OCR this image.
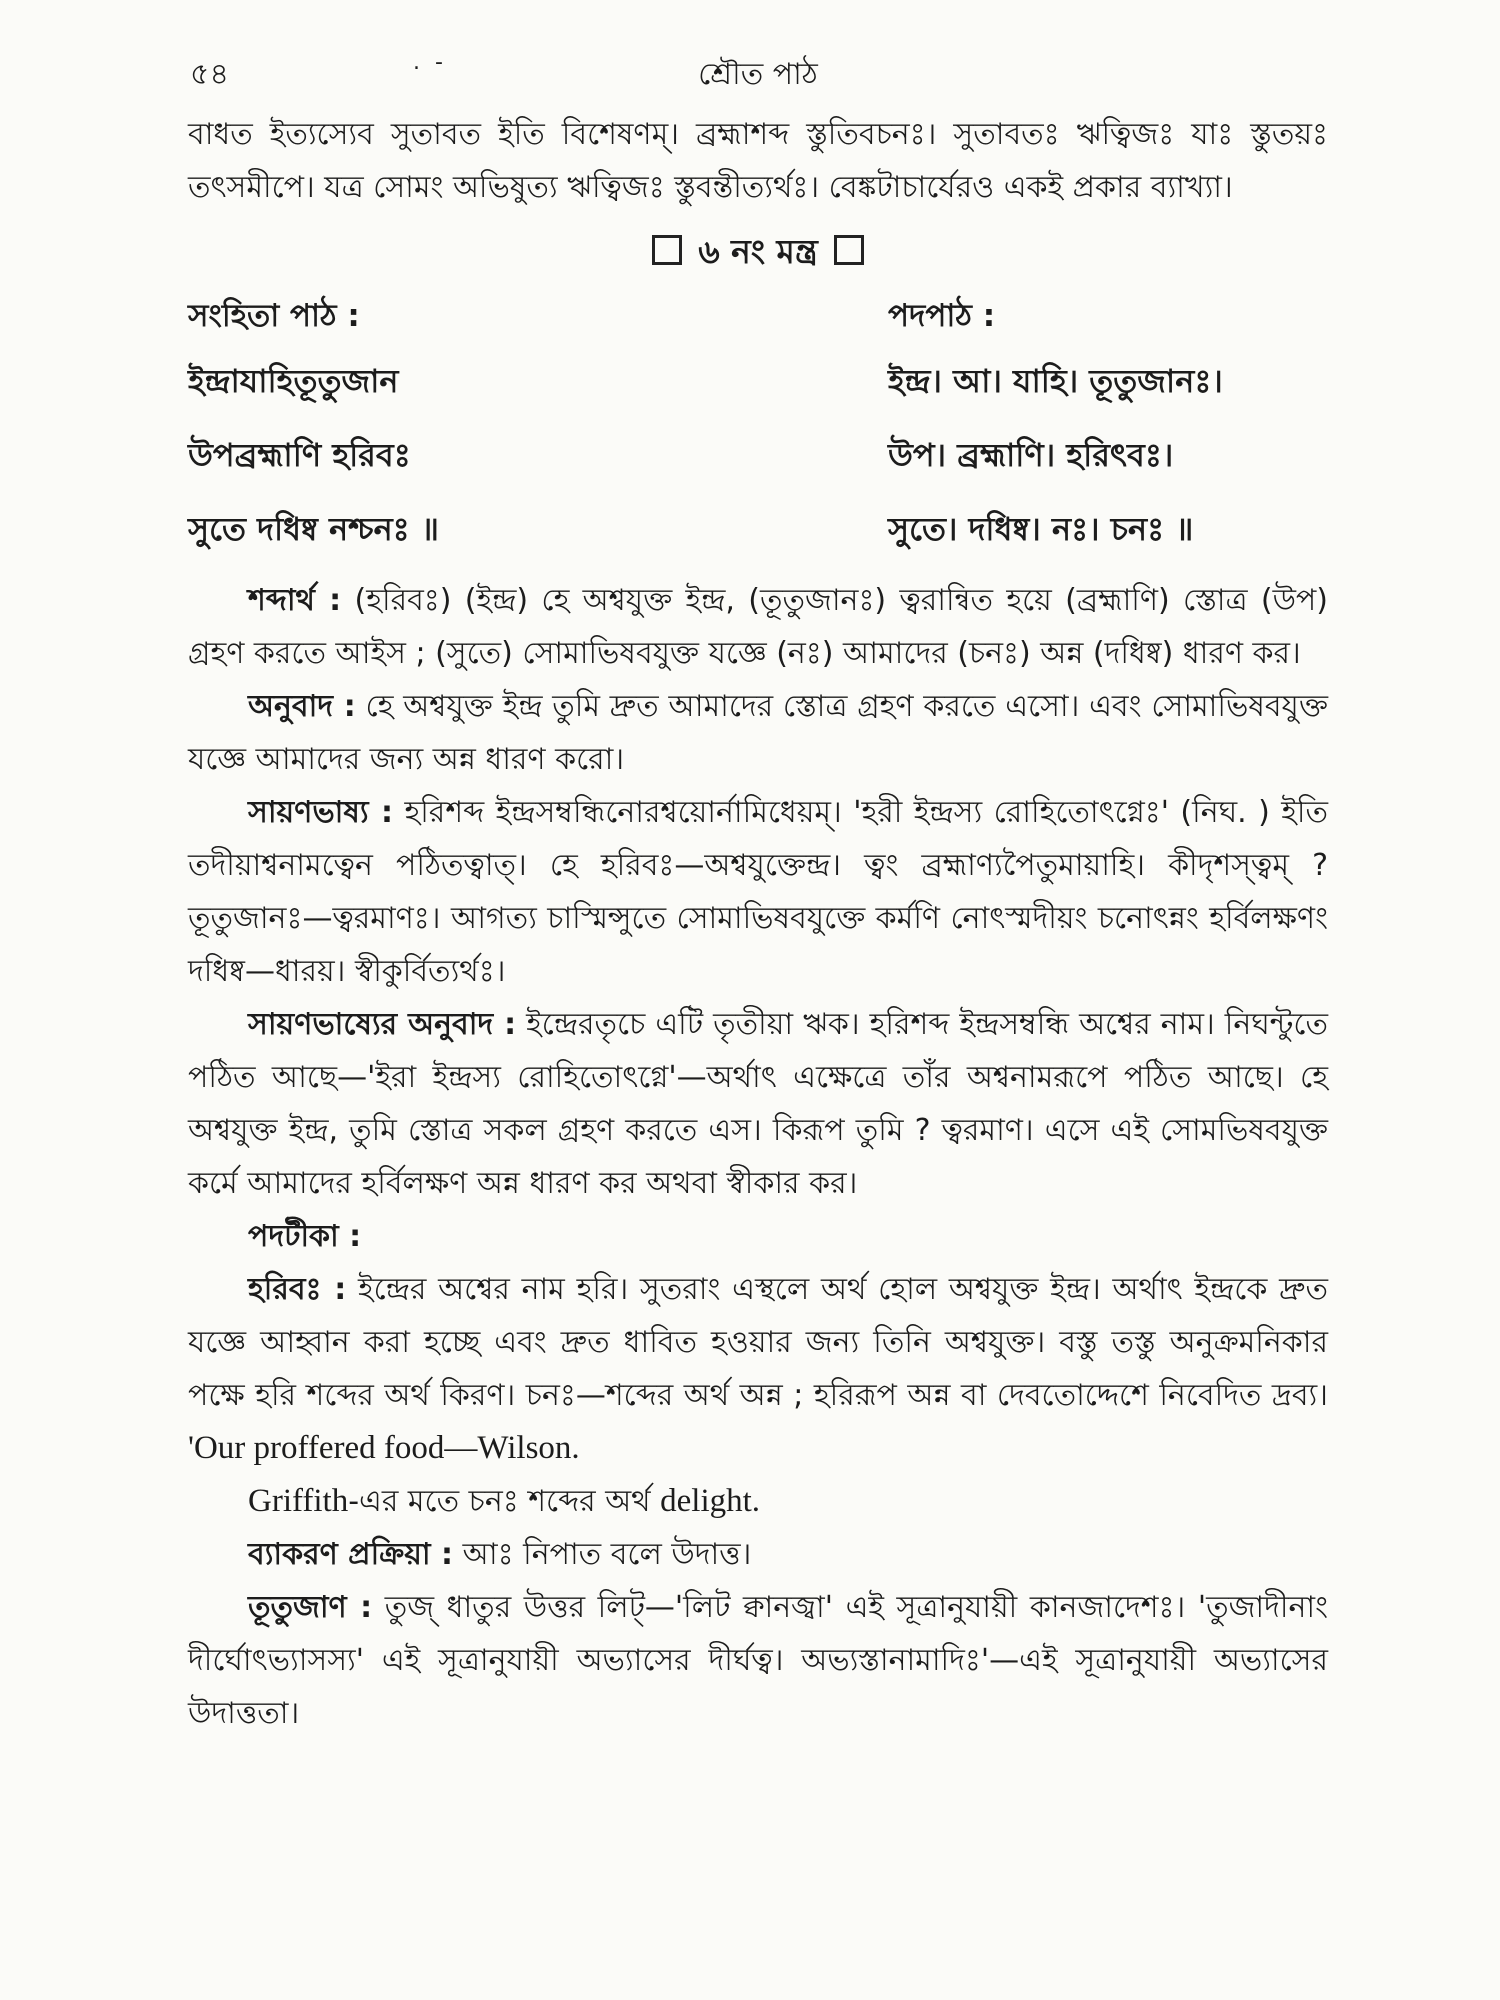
৫৪	. -	শ্রৌত পাঠ

বাধত ইত্যস্যেব সুতাবত ইতি বিশেষণম্। ব্রহ্মাশব্দ স্তুতিবচনঃ। সুতাবতঃ ঋত্বিজঃ যাঃ স্তুতয়ঃ তৎসমীপে। যত্র সোমং অভিষুত্য ঋত্বিজঃ স্তুবন্তীত্যর্থঃ। বেঙ্কটাচার্যেরও একই প্রকার ব্যাখ্যা।

৬ নং মন্ত্র
সংহিতা পাঠ :
ইন্দ্রাযাহিতূতুজান
উপব্রহ্মাণি হরিবঃ
সুতে দধিষ্ব নশ্চনঃ ॥
পদপাঠ :
ইন্দ্র। আ। যাহি। তূতুজানঃ।
উপ। ব্রহ্মাণি। হরিৎবঃ।
সুতে। দধিষ্ব। নঃ। চনঃ ॥

শব্দার্থ : (হরিবঃ) (ইন্দ্র) হে অশ্বযুক্ত ইন্দ্র, (তূতুজানঃ) ত্বরান্বিত হয়ে (ব্রহ্মাণি) স্তোত্র (উপ) গ্রহণ করতে আইস ; (সুতে) সোমাভিষবযুক্ত যজ্ঞে (নঃ) আমাদের (চনঃ) অন্ন (দধিষ্ব) ধারণ কর।

অনুবাদ : হে অশ্বযুক্ত ইন্দ্র তুমি দ্রুত আমাদের স্তোত্র গ্রহণ করতে এসো। এবং সোমাভিষবযুক্ত যজ্ঞে আমাদের জন্য অন্ন ধারণ করো।

সায়ণভাষ্য : হরিশব্দ ইন্দ্রসম্বন্ধিনোরশ্বয়োর্নামিধেয়ম্। 'হরী ইন্দ্রস্য রোহিতোৎগ্নেঃ' (নিঘ. ) ইতি তদীয়াশ্বনামত্বেন পঠিতত্বাত্। হে হরিবঃ—অশ্বযুক্তেন্দ্র। ত্বং ব্রহ্মাণ্যপৈতুমায়াহি। কীদৃশস্ত্বম্ ? তূতুজানঃ—ত্বরমাণঃ। আগত্য চাস্মিন্সুতে সোমাভিষবযুক্তে কর্মণি নোৎস্মদীয়ং চনোৎন্নং হর্বিলক্ষণং দধিষ্ব—ধারয়। স্বীকুর্বিত্যর্থঃ।

সায়ণভাষ্যের অনুবাদ : ইন্দ্রেরতৃচে এটি তৃতীয়া ঋক। হরিশব্দ ইন্দ্রসম্বন্ধি অশ্বের নাম। নিঘন্টুতে পঠিত আছে—'ইরা ইন্দ্রস্য রোহিতোৎগ্নে'—অর্থাৎ এক্ষেত্রে তাঁর অশ্বনামরূপে পঠিত আছে। হে অশ্বযুক্ত ইন্দ্র, তুমি স্তোত্র সকল গ্রহণ করতে এস। কিরূপ তুমি ? ত্বরমাণ। এসে এই সোমভিষবযুক্ত কর্মে আমাদের হর্বিলক্ষণ অন্ন ধারণ কর অথবা স্বীকার কর।

পদটীকা :

হরিবঃ : ইন্দ্রের অশ্বের নাম হরি। সুতরাং এস্থলে অর্থ হোল অশ্বযুক্ত ইন্দ্র। অর্থাৎ ইন্দ্রকে দ্রুত যজ্ঞে আহ্বান করা হচ্ছে এবং দ্রুত ধাবিত হওয়ার জন্য তিনি অশ্বযুক্ত। বস্তু তস্তু অনুক্রমনিকার পক্ষে হরি শব্দের অর্থ কিরণ। চনঃ—শব্দের অর্থ অন্ন ; হরিরূপ অন্ন বা দেবতোদ্দেশে নিবেদিত দ্রব্য। 'Our proffered food—Wilson.

Griffith-এর মতে চনঃ শব্দের অর্থ delight.

ব্যাকরণ প্রক্রিয়া : আঃ নিপাত বলে উদাত্ত।

তূতুজাণ : তুজ্ ধাতুর উত্তর লিট্—'লিট ক্বানজ্বা' এই সূত্রানুযায়ী কানজাদেশঃ। 'তুজাদীনাং দীর্ঘোৎভ্যাসস্য' এই সূত্রানুযায়ী অভ্যাসের দীর্ঘত্ব। অভ্যস্তানামাদিঃ'—এই সূত্রানুযায়ী অভ্যাসের উদাত্ততা।
